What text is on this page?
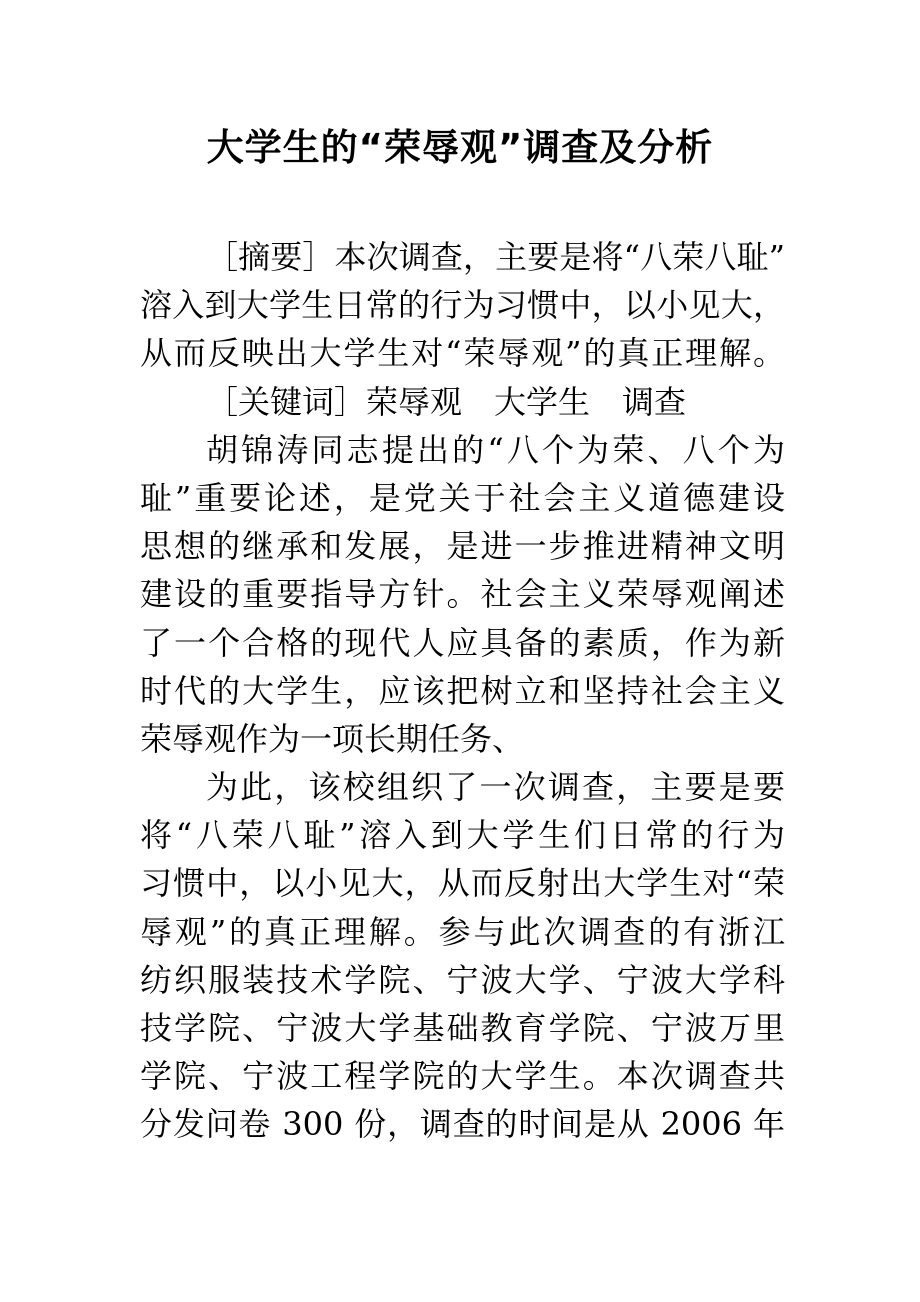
大学生的“荣辱观”调查及分析
［摘要］本次调查，主要是将“八荣八耻”
溶入到大学生日常的行为习惯中，以小见大，
从而反映出大学生对“荣辱观”的真正理解。
［关键词］荣辱观　大学生　调查
胡锦涛同志提出的“八个为荣、八个为
耻”重要论述，是党关于社会主义道德建设
思想的继承和发展，是进一步推进精神文明
建设的重要指导方针。社会主义荣辱观阐述
了一个合格的现代人应具备的素质，作为新
时代的大学生，应该把树立和坚持社会主义
荣辱观作为一项长期任务、
为此，该校组织了一次调查，主要是要
将“八荣八耻”溶入到大学生们日常的行为
习惯中，以小见大，从而反射出大学生对“荣
辱观”的真正理解。参与此次调查的有浙江
纺织服装技术学院、宁波大学、宁波大学科
技学院、宁波大学基础教育学院、宁波万里
学院、宁波工程学院的大学生。本次调查共
分发问卷 300 份，调查的时间是从 2006 年
